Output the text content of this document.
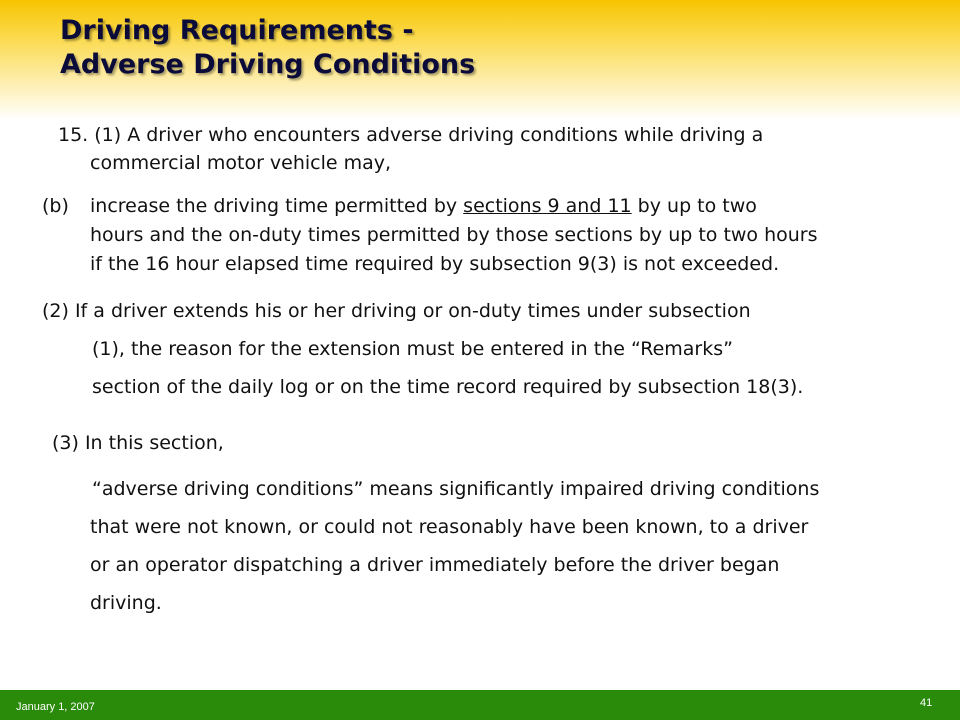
Driving Requirements -
Adverse Driving Conditions
15. (1) A driver who encounters adverse driving conditions while driving a
commercial motor vehicle may,
(b) increase the driving time permitted by sections 9 and 11 by up to two
hours and the on-duty times permitted by those sections by up to two hours
if the 16 hour elapsed time required by subsection 9(3) is not exceeded.
(2) If a driver extends his or her driving or on-duty times under subsection
(1), the reason for the extension must be entered in the “Remarks”
section of the daily log or on the time record required by subsection 18(3).
(3) In this section,
“adverse driving conditions” means significantly impaired driving conditions
that were not known, or could not reasonably have been known, to a driver
or an operator dispatching a driver immediately before the driver began
driving.
January 1, 2007	41
